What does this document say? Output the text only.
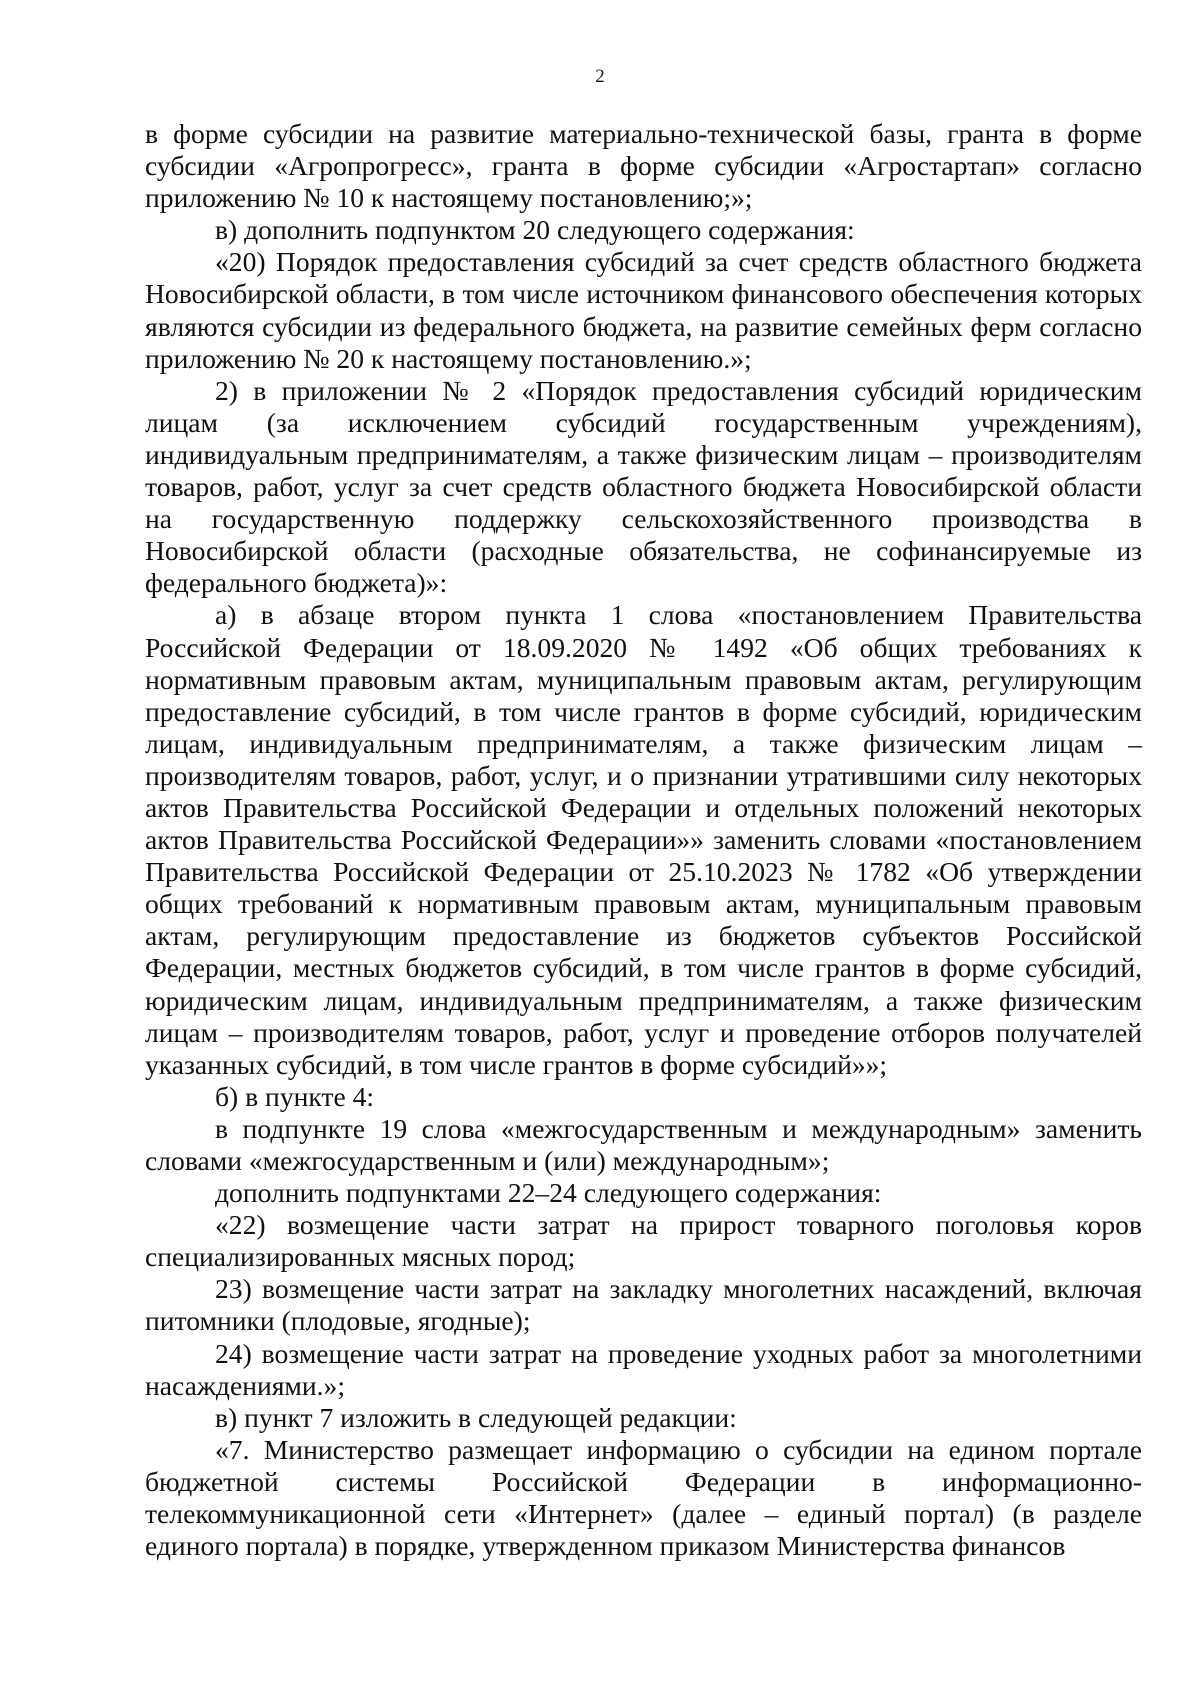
2

в форме субсидии на развитие материально-технической базы, гранта в форме субсидии «Агропрогресс», гранта в форме субсидии «Агростартап» согласно приложению № 10 к настоящему постановлению;»;

в) дополнить подпунктом 20 следующего содержания:

«20) Порядок предоставления субсидий за счет средств областного бюджета Новосибирской области, в том числе источником финансового обеспечения которых являются субсидии из федерального бюджета, на развитие семейных ферм согласно приложению № 20 к настоящему постановлению.»;

2) в приложении № 2 «Порядок предоставления субсидий юридическим лицам (за исключением субсидий государственным учреждениям), индивидуальным предпринимателям, а также физическим лицам – производителям товаров, работ, услуг за счет средств областного бюджета Новосибирской области на государственную поддержку сельскохозяйственного производства в Новосибирской области (расходные обязательства, не софинансируемые из федерального бюджета)»:

а) в абзаце втором пункта 1 слова «постановлением Правительства Российской Федерации от 18.09.2020 № 1492 «Об общих требованиях к нормативным правовым актам, муниципальным правовым актам, регулирующим предоставление субсидий, в том числе грантов в форме субсидий, юридическим лицам, индивидуальным предпринимателям, а также физическим лицам – производителям товаров, работ, услуг, и о признании утратившими силу некоторых актов Правительства Российской Федерации и отдельных положений некоторых актов Правительства Российской Федерации»» заменить словами «постановлением Правительства Российской Федерации от 25.10.2023 № 1782 «Об утверждении общих требований к нормативным правовым актам, муниципальным правовым актам, регулирующим предоставление из бюджетов субъектов Российской Федерации, местных бюджетов субсидий, в том числе грантов в форме субсидий, юридическим лицам, индивидуальным предпринимателям, а также физическим лицам – производителям товаров, работ, услуг и проведение отборов получателей указанных субсидий, в том числе грантов в форме субсидий»»;

б) в пункте 4:

в подпункте 19 слова «межгосударственным и международным» заменить словами «межгосударственным и (или) международным»;

дополнить подпунктами 22–24 следующего содержания:

«22) возмещение части затрат на прирост товарного поголовья коров специализированных мясных пород;

23) возмещение части затрат на закладку многолетних насаждений, включая питомники (плодовые, ягодные);

24) возмещение части затрат на проведение уходных работ за многолетними насаждениями.»;

в) пункт 7 изложить в следующей редакции:

«7. Министерство размещает информацию о субсидии на едином портале бюджетной системы Российской Федерации в информационно-телекоммуникационной сети «Интернет» (далее – единый портал) (в разделе единого портала) в порядке, утвержденном приказом Министерства финансов
